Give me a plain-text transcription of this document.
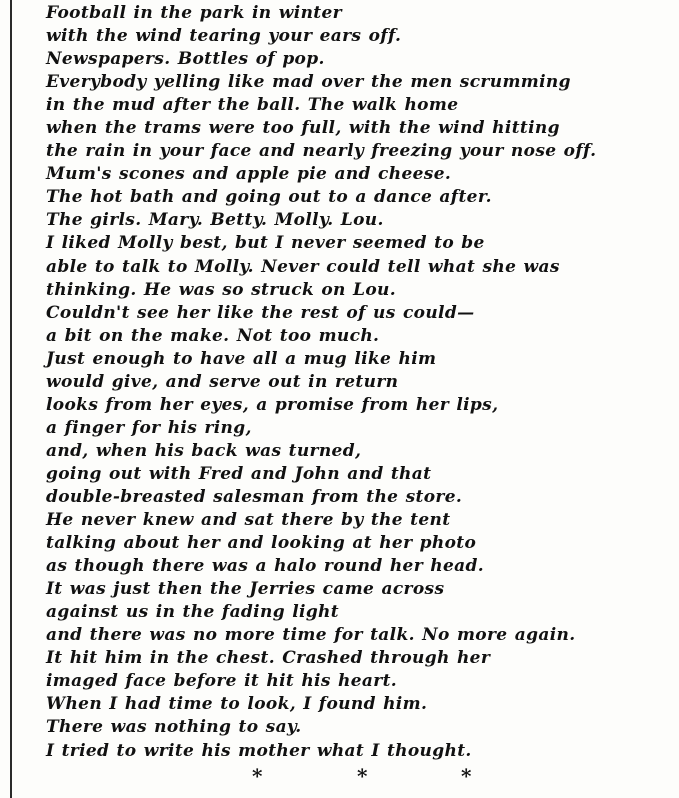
Football in the park in winter
with the wind tearing your ears off.
Newspapers. Bottles of pop.
Everybody yelling like mad over the men scrumming
in the mud after the ball. The walk home
when the trams were too full, with the wind hitting
the rain in your face and nearly freezing your nose off.
Mum's scones and apple pie and cheese.
The hot bath and going out to a dance after.
The girls. Mary. Betty. Molly. Lou.
I liked Molly best, but I never seemed to be
able to talk to Molly. Never could tell what she was
thinking. He was so struck on Lou.
Couldn't see her like the rest of us could—
a bit on the make. Not too much.
Just enough to have all a mug like him
would give, and serve out in return
looks from her eyes, a promise from her lips,
a finger for his ring,
and, when his back was turned,
going out with Fred and John and that
double-breasted salesman from the store.
He never knew and sat there by the tent
talking about her and looking at her photo
as though there was a halo round her head.
It was just then the Jerries came across
against us in the fading light
and there was no more time for talk. No more again.
It hit him in the chest. Crashed through her
imaged face before it hit his heart.
When I had time to look, I found him.
There was nothing to say.
I tried to write his mother what I thought.
*	*	*
